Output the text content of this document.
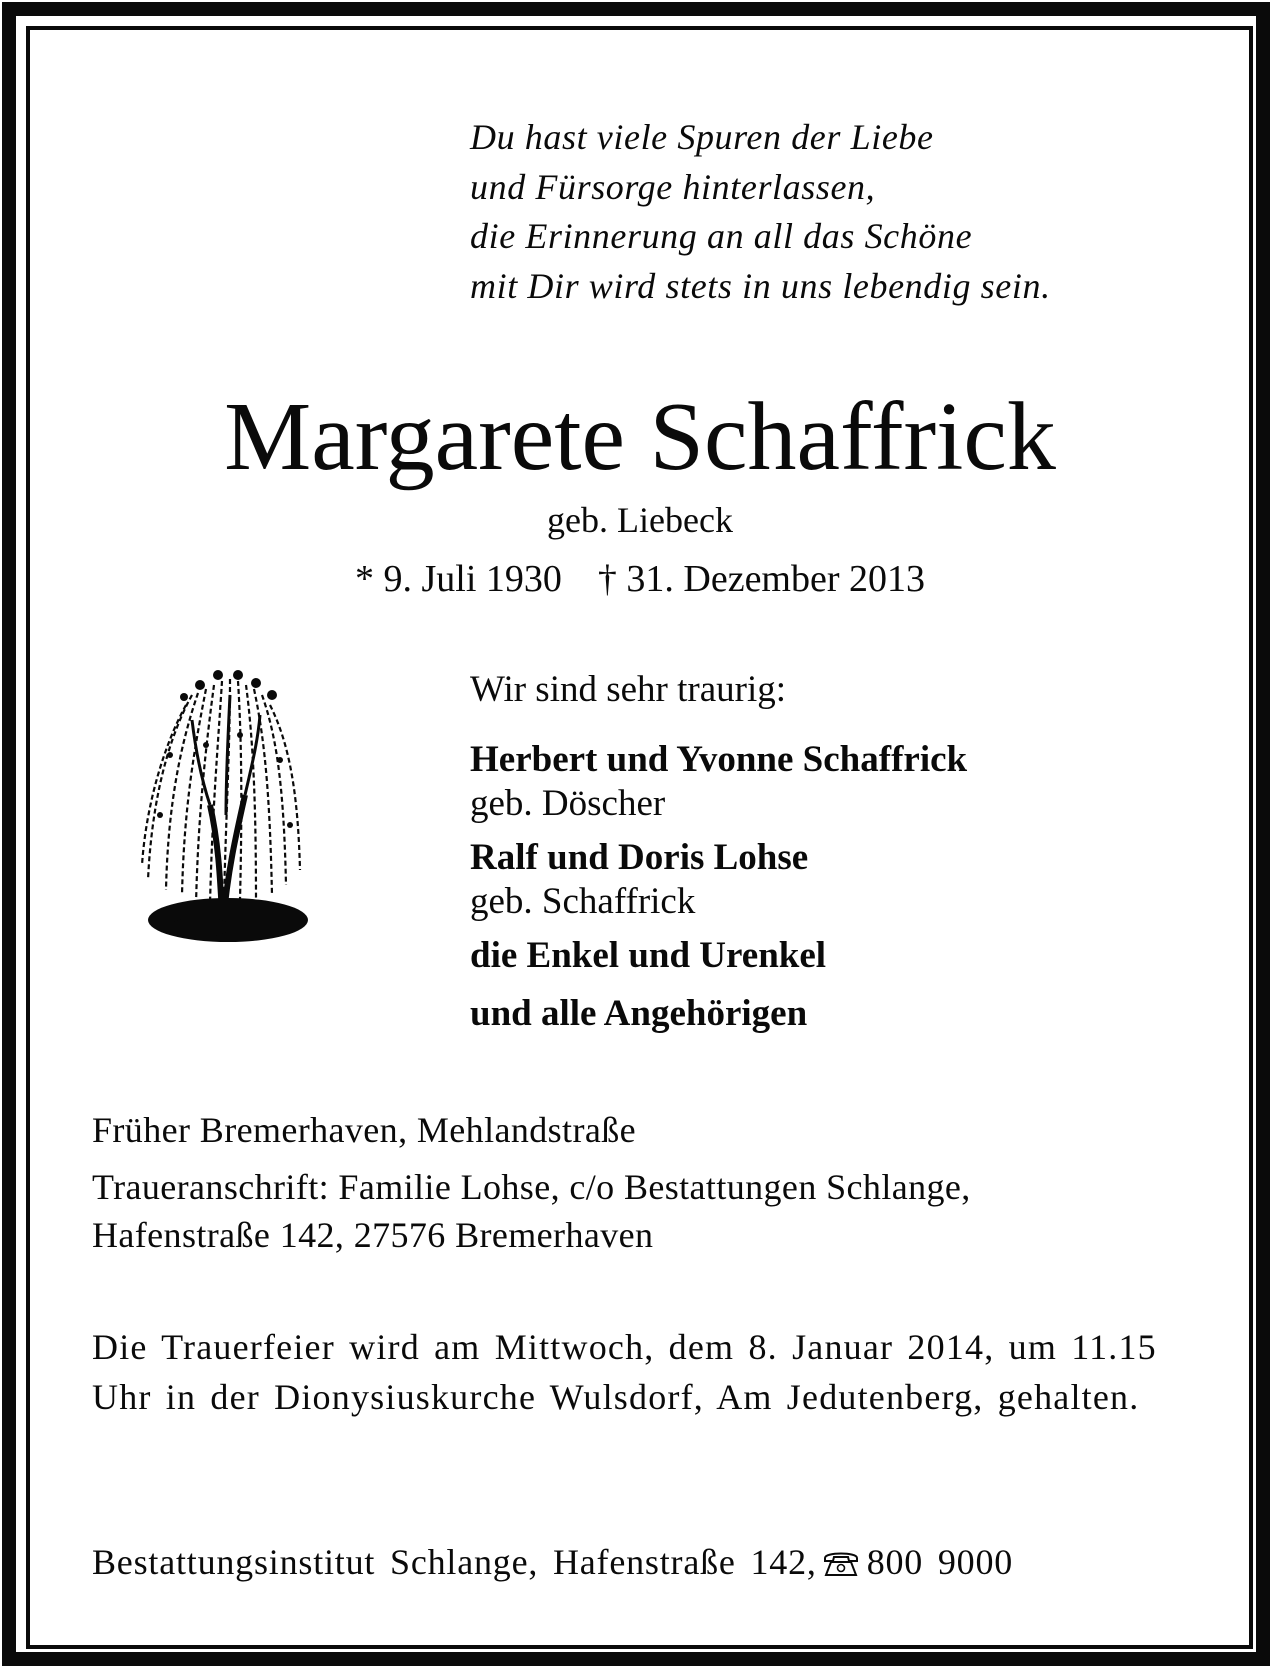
Du hast viele Spuren der Liebe
und Fürsorge hinterlassen,
die Erinnerung an all das Schöne
mit Dir wird stets in uns lebendig sein.
Margarete Schaffrick
geb. Liebeck
* 9. Juli 1930 † 31. Dezember 2013
Wir sind sehr traurig:
Herbert und Yvonne Schaffrick
geb. Döscher
Ralf und Doris Lohse
geb. Schaffrick
die Enkel und Urenkel
und alle Angehörigen
Früher Bremerhaven, Mehlandstraße
Traueranschrift: Familie Lohse, c/o Bestattungen Schlange,
Hafenstraße 142, 27576 Bremerhaven
Die Trauerfeier wird am Mittwoch, dem 8. Januar 2014, um 11.15 Uhr in der Dionysiuskurche Wulsdorf, Am Jedutenberg, gehalten.
Bestattungsinstitut Schlange, Hafenstraße 142, 800 9000
